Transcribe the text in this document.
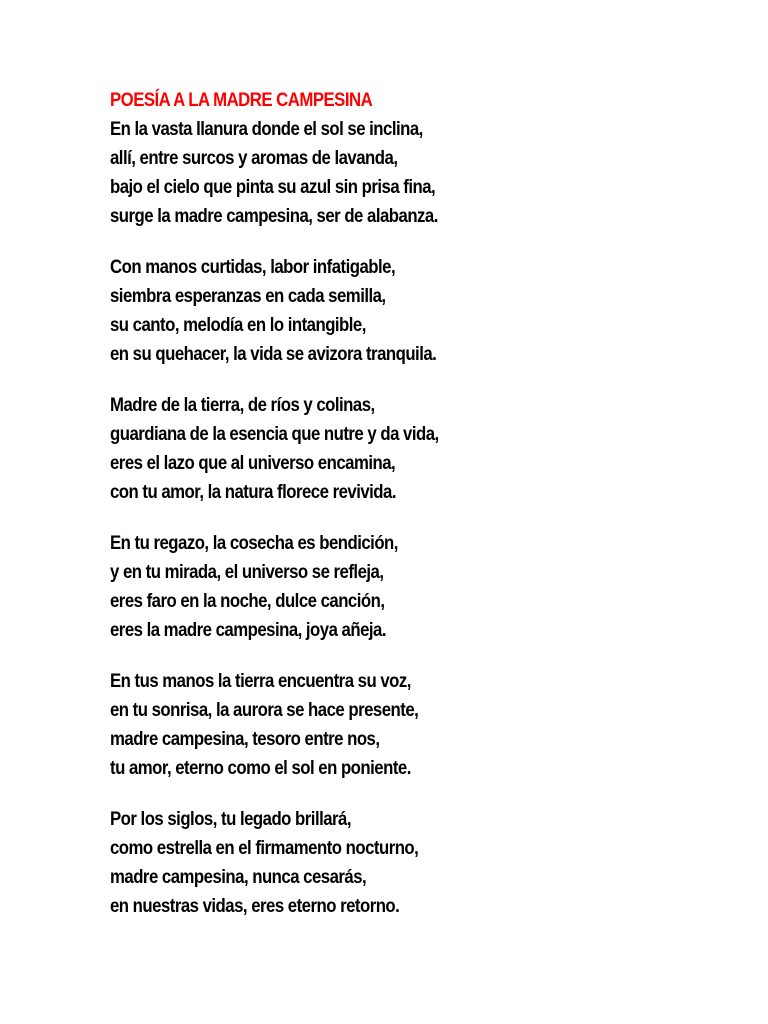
POESÍA A LA MADRE CAMPESINA
En la vasta llanura donde el sol se inclina,
allí, entre surcos y aromas de lavanda,
bajo el cielo que pinta su azul sin prisa fina,
surge la madre campesina, ser de alabanza.
Con manos curtidas, labor infatigable,
siembra esperanzas en cada semilla,
su canto, melodía en lo intangible,
en su quehacer, la vida se avizora tranquila.
Madre de la tierra, de ríos y colinas,
guardiana de la esencia que nutre y da vida,
eres el lazo que al universo encamina,
con tu amor, la natura florece revivida.
En tu regazo, la cosecha es bendición,
y en tu mirada, el universo se refleja,
eres faro en la noche, dulce canción,
eres la madre campesina, joya añeja.
En tus manos la tierra encuentra su voz,
en tu sonrisa, la aurora se hace presente,
madre campesina, tesoro entre nos,
tu amor, eterno como el sol en poniente.
Por los siglos, tu legado brillará,
como estrella en el firmamento nocturno,
madre campesina, nunca cesarás,
en nuestras vidas, eres eterno retorno.
